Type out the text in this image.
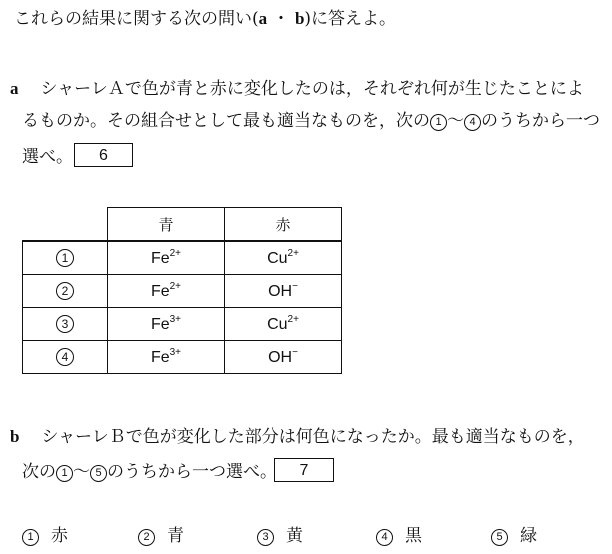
これらの結果に関する次の問い(a ・ b)に答えよ。
a シャーレＡで色が青と赤に変化したのは，それぞれ何が生じたことによ
るものか。その組合せとして最も適当なものを，次の 1 ～ 4 のうちから一つ
選べ。	6
	青	赤
1	$Fe^{2+}$	$Cu^{2+}$
2	$Fe^{2+}$	OH−
3	$Fe^{3+}$	$Cu^{2+}$
4	$Fe^{3+}$	OH−
b シャーレＢで色が変化した部分は何色になったか。最も適当なものを，
次の 1 ～ 5 のうちから一つ選べ。	7
1 赤	2 青	3 黄	4 黒	5 緑
